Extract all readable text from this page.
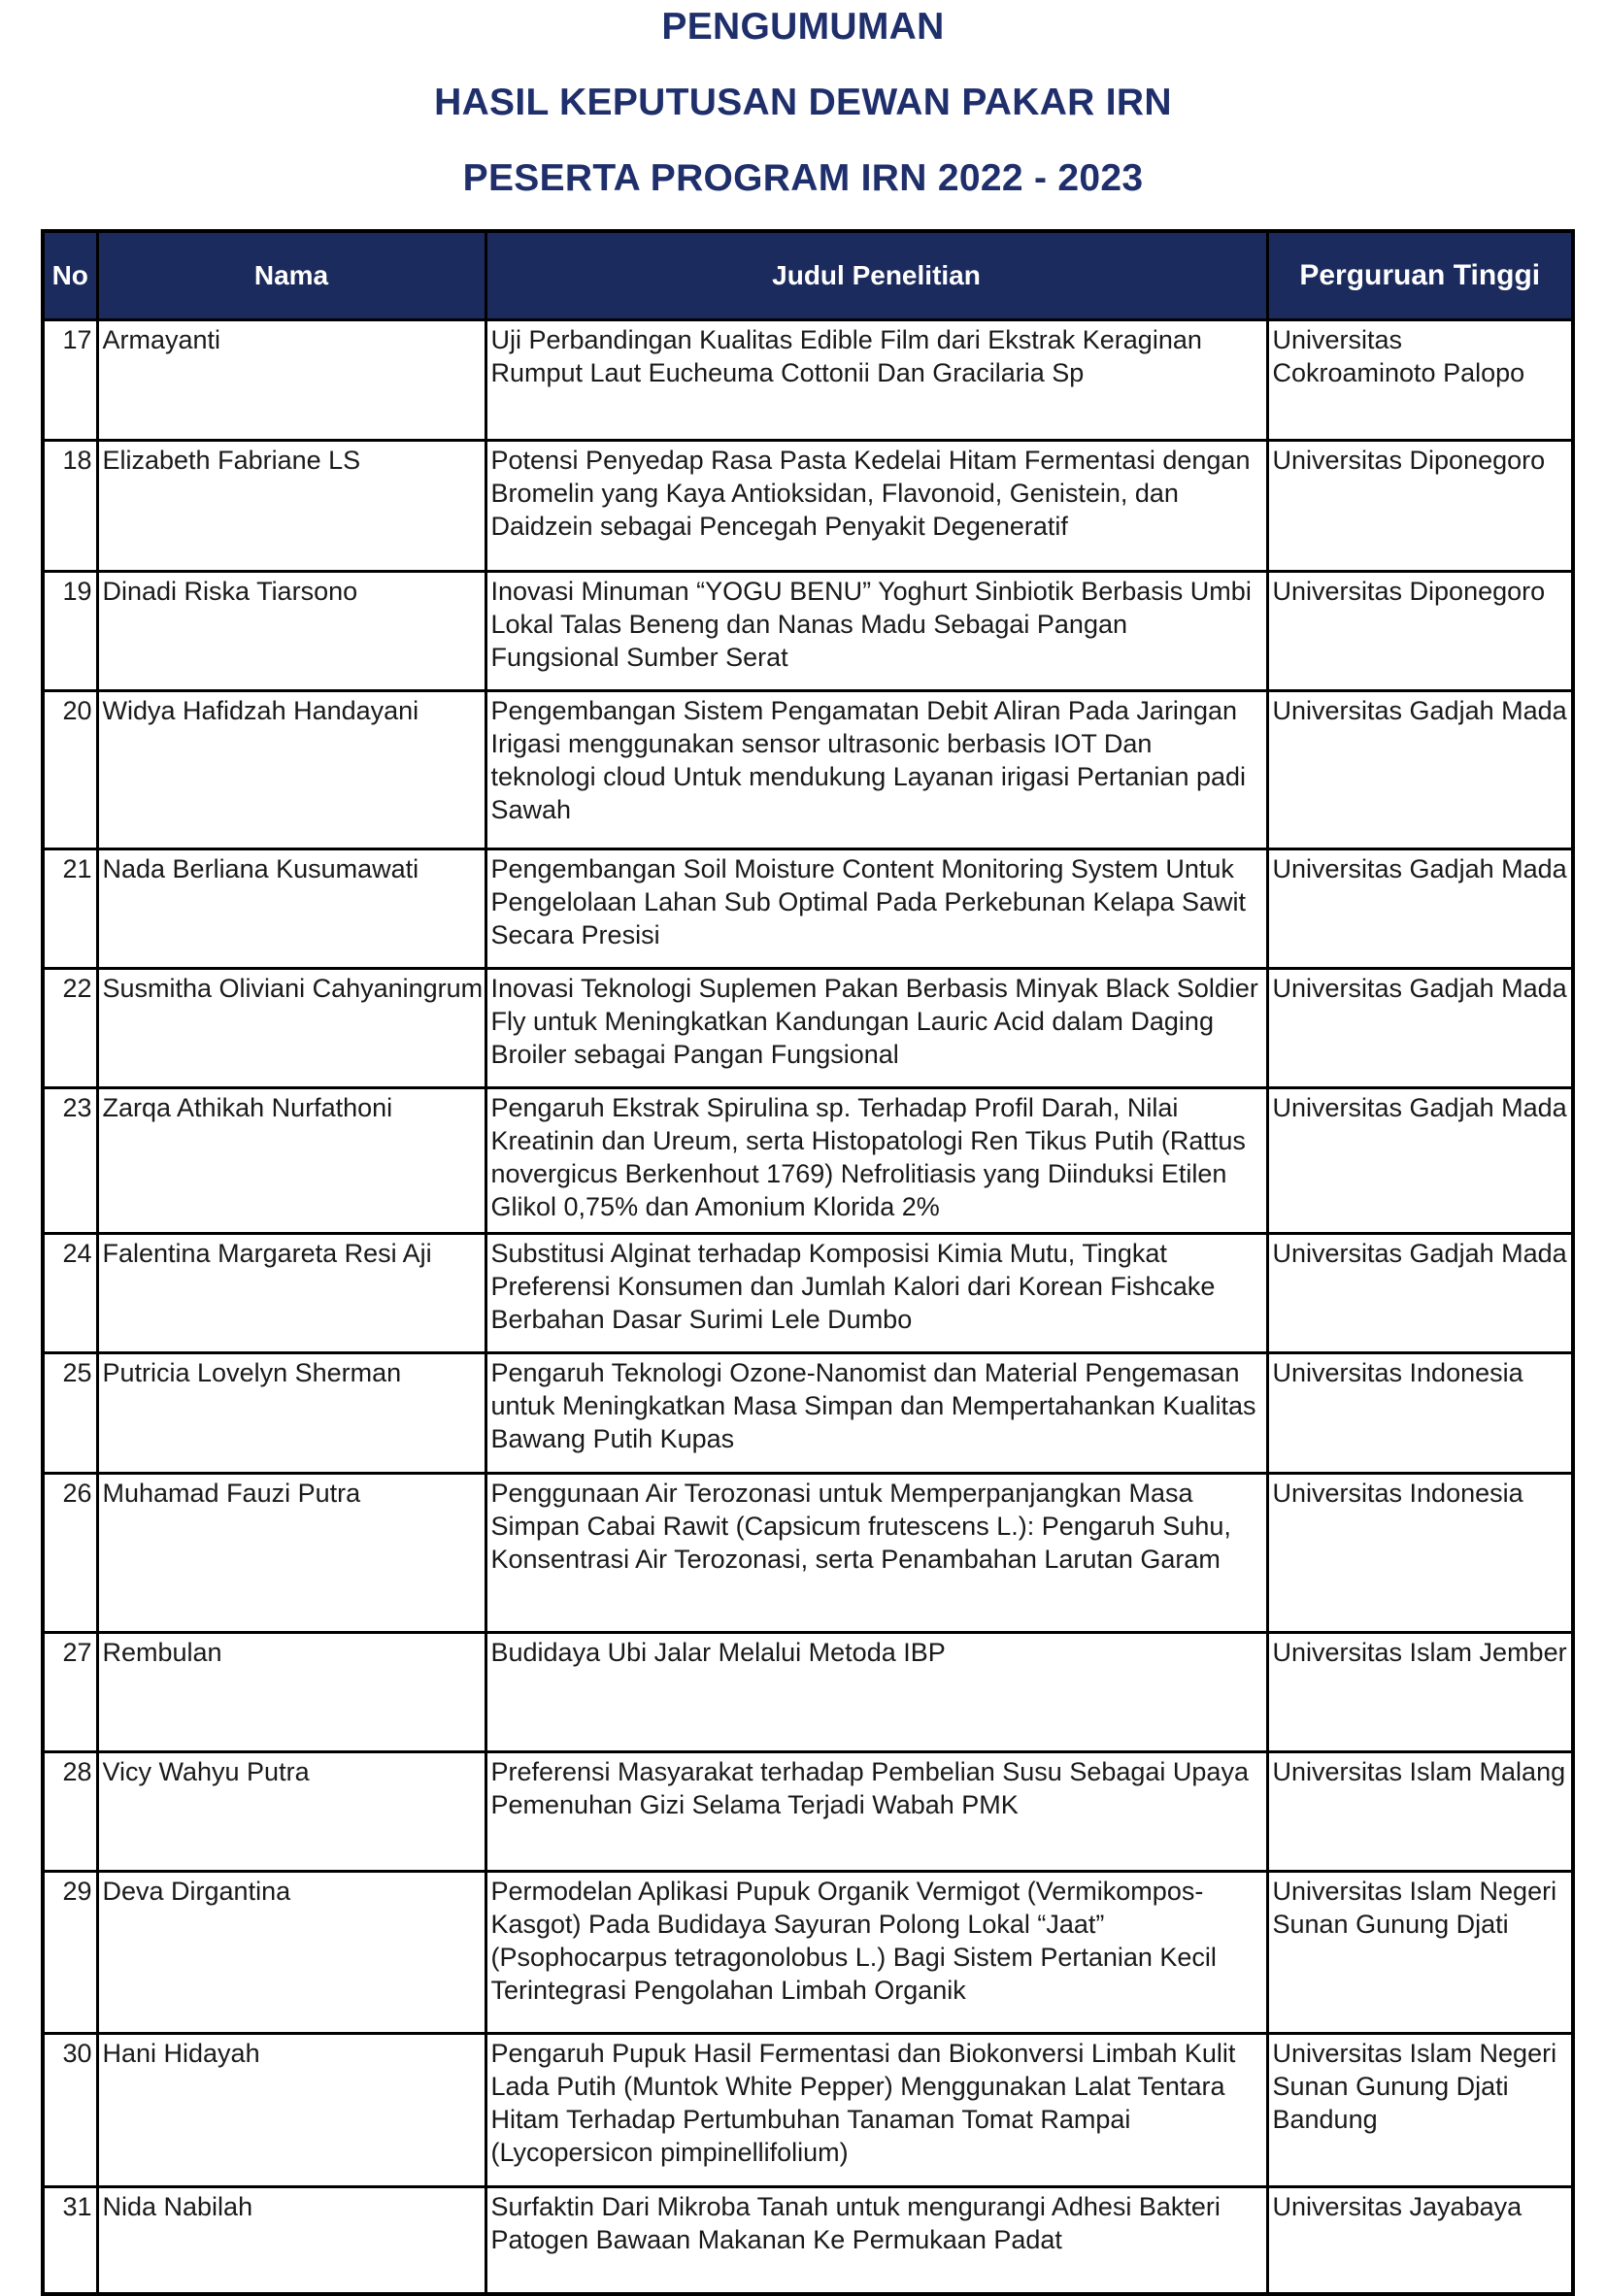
PENGUMUMAN
HASIL KEPUTUSAN DEWAN PAKAR IRN
PESERTA PROGRAM IRN 2022 - 2023
No	Nama	Judul Penelitian	Perguruan Tinggi
17	Armayanti	Uji Perbandingan Kualitas Edible Film dari Ekstrak Keraginan Rumput Laut Eucheuma Cottonii Dan Gracilaria Sp	Universitas Cokroaminoto Palopo
18	Elizabeth Fabriane LS	Potensi Penyedap Rasa Pasta Kedelai Hitam Fermentasi dengan Bromelin yang Kaya Antioksidan, Flavonoid, Genistein, dan Daidzein sebagai Pencegah Penyakit Degeneratif	Universitas Diponegoro
19	Dinadi Riska Tiarsono	Inovasi Minuman “YOGU BENU” Yoghurt Sinbiotik Berbasis Umbi Lokal Talas Beneng dan Nanas Madu Sebagai Pangan Fungsional Sumber Serat	Universitas Diponegoro
20	Widya Hafidzah Handayani	Pengembangan Sistem Pengamatan Debit Aliran Pada Jaringan Irigasi menggunakan sensor ultrasonic berbasis IOT Dan teknologi cloud Untuk mendukung Layanan irigasi Pertanian padi Sawah	Universitas Gadjah Mada
21	Nada Berliana Kusumawati	Pengembangan Soil Moisture Content Monitoring System Untuk Pengelolaan Lahan Sub Optimal Pada Perkebunan Kelapa Sawit Secara Presisi	Universitas Gadjah Mada
22	Susmitha Oliviani Cahyaningrum	Inovasi Teknologi Suplemen Pakan Berbasis Minyak Black Soldier Fly untuk Meningkatkan Kandungan Lauric Acid dalam Daging Broiler sebagai Pangan Fungsional	Universitas Gadjah Mada
23	Zarqa Athikah Nurfathoni	Pengaruh Ekstrak Spirulina sp. Terhadap Profil Darah, Nilai Kreatinin dan Ureum, serta Histopatologi Ren Tikus Putih (Rattus novergicus Berkenhout 1769) Nefrolitiasis yang Diinduksi Etilen Glikol 0,75% dan Amonium Klorida 2%	Universitas Gadjah Mada
24	Falentina Margareta Resi Aji	Substitusi Alginat terhadap Komposisi Kimia Mutu, Tingkat Preferensi Konsumen dan Jumlah Kalori dari Korean Fishcake Berbahan Dasar Surimi Lele Dumbo	Universitas Gadjah Mada
25	Putricia Lovelyn Sherman	Pengaruh Teknologi Ozone-Nanomist dan Material Pengemasan untuk Meningkatkan Masa Simpan dan Mempertahankan Kualitas Bawang Putih Kupas	Universitas Indonesia
26	Muhamad Fauzi Putra	Penggunaan Air Terozonasi untuk Memperpanjangkan Masa Simpan Cabai Rawit (Capsicum frutescens L.): Pengaruh Suhu, Konsentrasi Air Terozonasi, serta Penambahan Larutan Garam	Universitas Indonesia
27	Rembulan	Budidaya Ubi Jalar Melalui Metoda IBP	Universitas Islam Jember
28	Vicy Wahyu Putra	Preferensi Masyarakat terhadap Pembelian Susu Sebagai Upaya Pemenuhan Gizi Selama Terjadi Wabah PMK	Universitas Islam Malang
29	Deva Dirgantina	Permodelan Aplikasi Pupuk Organik Vermigot (Vermikompos-Kasgot) Pada Budidaya Sayuran Polong Lokal “Jaat” (Psophocarpus tetragonolobus L.) Bagi Sistem Pertanian Kecil Terintegrasi Pengolahan Limbah Organik	Universitas Islam Negeri Sunan Gunung Djati
30	Hani Hidayah	Pengaruh Pupuk Hasil Fermentasi dan Biokonversi Limbah Kulit Lada Putih (Muntok White Pepper) Menggunakan Lalat Tentara Hitam Terhadap Pertumbuhan Tanaman Tomat Rampai (Lycopersicon pimpinellifolium)	Universitas Islam Negeri Sunan Gunung Djati Bandung
31	Nida Nabilah	Surfaktin Dari Mikroba Tanah untuk mengurangi Adhesi Bakteri Patogen Bawaan Makanan Ke Permukaan Padat	Universitas Jayabaya
